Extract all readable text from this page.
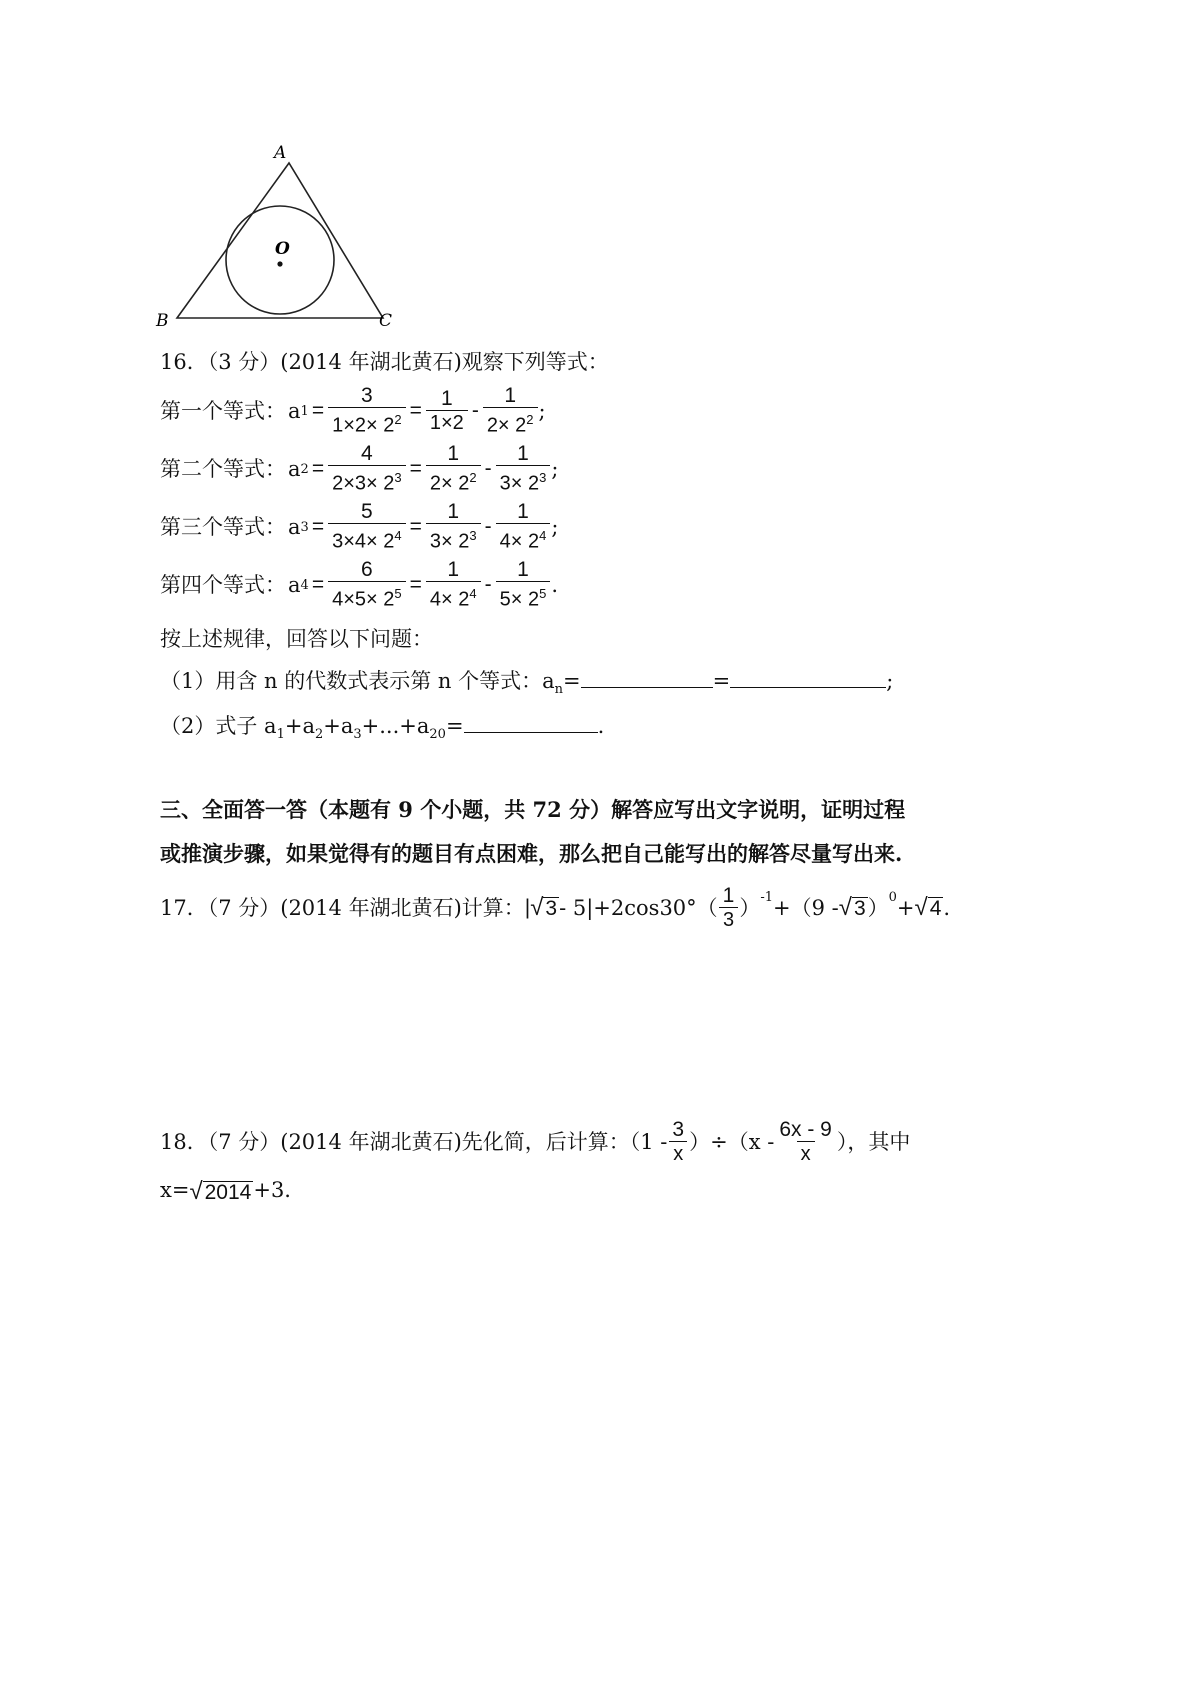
A
B	C
O
16．（3 分）(2014 年湖北黄石)观察下列等式：
第一个等式： a $1 = \frac{3}{1\times 2\times 2^2} = \frac{1}{1\times 2} - \frac{1}{2\times 2^2}$ ;
第二个等式： a $2 = \frac{4}{2\times 3\times 2^3} = \frac{1}{2\times 2^2} - \frac{1}{3\times 2^3}$ ;
第三个等式： a $3 = \frac{5}{3\times 4\times 2^4} = \frac{1}{3\times 2^3} - \frac{1}{4\times 2^4}$ ;
第四个等式： a $4 = \frac{6}{4\times 5\times 2^5} = \frac{1}{4\times 2^4} - \frac{1}{5\times 2^5}$ .
按上述规律，回答以下问题：
（1）用含 n 的代数式表示第 n 个等式：$a_n=$	=	;
（2）式子 $a_1+a_2+a_3+...+a_{20}=$	.
三、全面答一答（本题有 9 个小题，共 72 分）解答应写出文字说明，证明过程
或推演步骤，如果觉得有的题目有点困难，那么把自己能写出的解答尽量写出来.
17．（7 分）(2014 年湖北黄石)计算： | √ $3 - 5|+2\cos 30^\circ( \frac{1}{3}$ ） $^{-1}$ +（9 - √ 3 ）$^0$ + √ 4 .
18．（7 分）(2014 年湖北黄石)先化简，后计算：$(1 - \frac{3}{x} )\div(x - \frac{6x - 9}{x}$ ），其中
x= √ 2014 +3.
